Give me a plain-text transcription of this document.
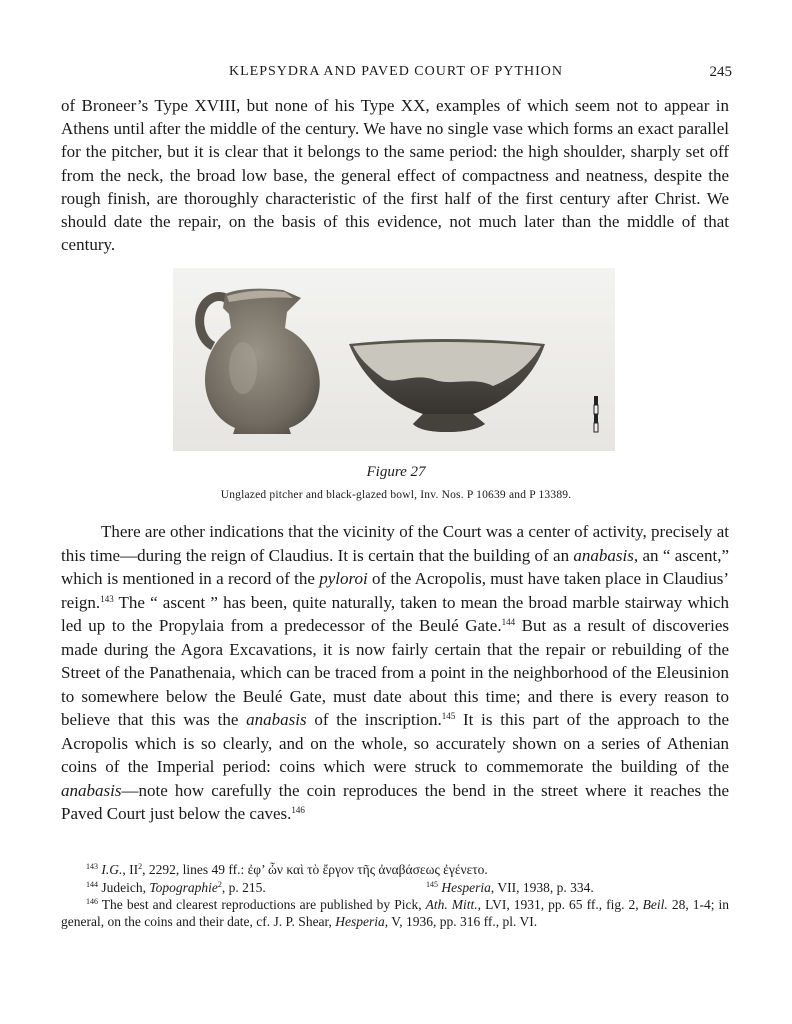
KLEPSYDRA AND PAVED COURT OF PYTHION	245

of Broneer’s Type XVIII, but none of his Type XX, examples of which seem not to appear in Athens until after the middle of the century. We have no single vase which forms an exact parallel for the pitcher, but it is clear that it belongs to the same period: the high shoulder, sharply set off from the neck, the broad low base, the general effect of compactness and neatness, despite the rough finish, are thoroughly characteristic of the first half of the first century after Christ. We should date the repair, on the basis of this evidence, not much later than the middle of that century.

Figure 27
Unglazed pitcher and black-glazed bowl, Inv. Nos. P 10639 and P 13389.

There are other indications that the vicinity of the Court was a center of activity, precisely at this time—during the reign of Claudius. It is certain that the building of an anabasis, an “ ascent,” which is mentioned in a record of the pyloroi of the Acropolis, must have taken place in Claudius’ reign.$^{143}$ The “ ascent ” has been, quite naturally, taken to mean the broad marble stairway which led up to the Propylaia from a predecessor of the Beulé Gate.$^{144}$ But as a result of discoveries made during the Agora Excavations, it is now fairly certain that the repair or rebuilding of the Street of the Panathenaia, which can be traced from a point in the neighborhood of the Eleusinion to somewhere below the Beulé Gate, must date about this time; and there is every reason to believe that this was the anabasis of the inscription.$^{145}$ It is this part of the approach to the Acropolis which is so clearly, and on the whole, so accurately shown on a series of Athenian coins of the Imperial period: coins which were struck to commemorate the building of the anabasis—note how carefully the coin reproduces the bend in the street where it reaches the Paved Court just below the caves.$^{146}$

$^{143}$ I.G., $II^2$, 2292, lines 49 ff.: ἐφ’ ὧν καὶ τὸ ἔργον τῆς ἀναβάσεως ἐγένετο.

$^{144}$ Judeich, Topographie$^2$, p. 215.	$^{145}$ Hesperia, VII, 1938, p. 334.

$^{146}$ The best and clearest reproductions are published by Pick, Ath. Mitt., LVI, 1931, pp. 65 ff., fig. 2, Beil. 28, 1-4; in general, on the coins and their date, cf. J. P. Shear, Hesperia, V, 1936, pp. 316 ff., pl. VI.
